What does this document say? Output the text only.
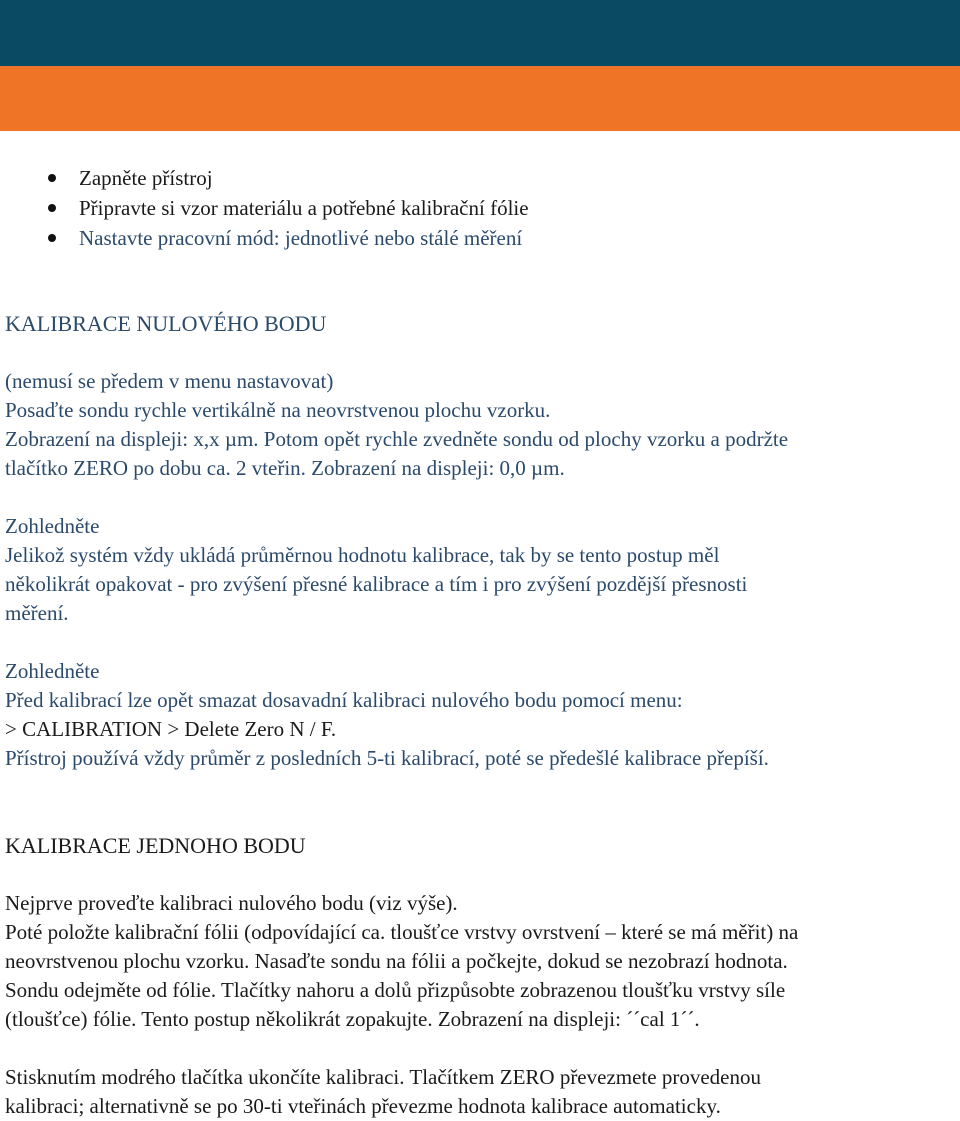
Zapněte přístroj
Připravte si vzor materiálu a potřebné kalibrační fólie
Nastavte pracovní mód: jednotlivé nebo stálé měření
KALIBRACE NULOVÉHO BODU
(nemusí se předem v menu nastavovat)
Posaďte sondu rychle vertikálně na neovrstvenou plochu vzorku.
Zobrazení na displeji: x,x µm. Potom opět rychle zvedněte sondu od plochy vzorku a podržte
tlačítko ZERO po dobu ca. 2 vteřin. Zobrazení na displeji: 0,0 µm.
Zohledněte
Jelikož systém vždy ukládá průměrnou hodnotu kalibrace, tak by se tento postup měl
několikrát opakovat - pro zvýšení přesné kalibrace a tím i pro zvýšení pozdější přesnosti
měření.
Zohledněte
Před kalibrací lze opět smazat dosavadní kalibraci nulového bodu pomocí menu:
> CALIBRATION > Delete Zero N / F.
Přístroj používá vždy průměr z posledních 5-ti kalibrací, poté se předešlé kalibrace přepíší.
KALIBRACE JEDNOHO BODU
Nejprve proveďte kalibraci nulového bodu (viz výše).
Poté položte kalibrační fólii (odpovídající ca. tloušťce vrstvy ovrstvení – které se má měřit) na
neovrstvenou plochu vzorku. Nasaďte sondu na fólii a počkejte, dokud se nezobrazí hodnota.
Sondu odejměte od fólie. Tlačítky nahoru a dolů přizpůsobte zobrazenou tloušťku vrstvy síle
(tloušťce) fólie. Tento postup několikrát zopakujte. Zobrazení na displeji: ´´cal 1´´.
Stisknutím modrého tlačítka ukončíte kalibraci. Tlačítkem ZERO převezmete provedenou
kalibraci; alternativně se po 30-ti vteřinách převezme hodnota kalibrace automaticky.
